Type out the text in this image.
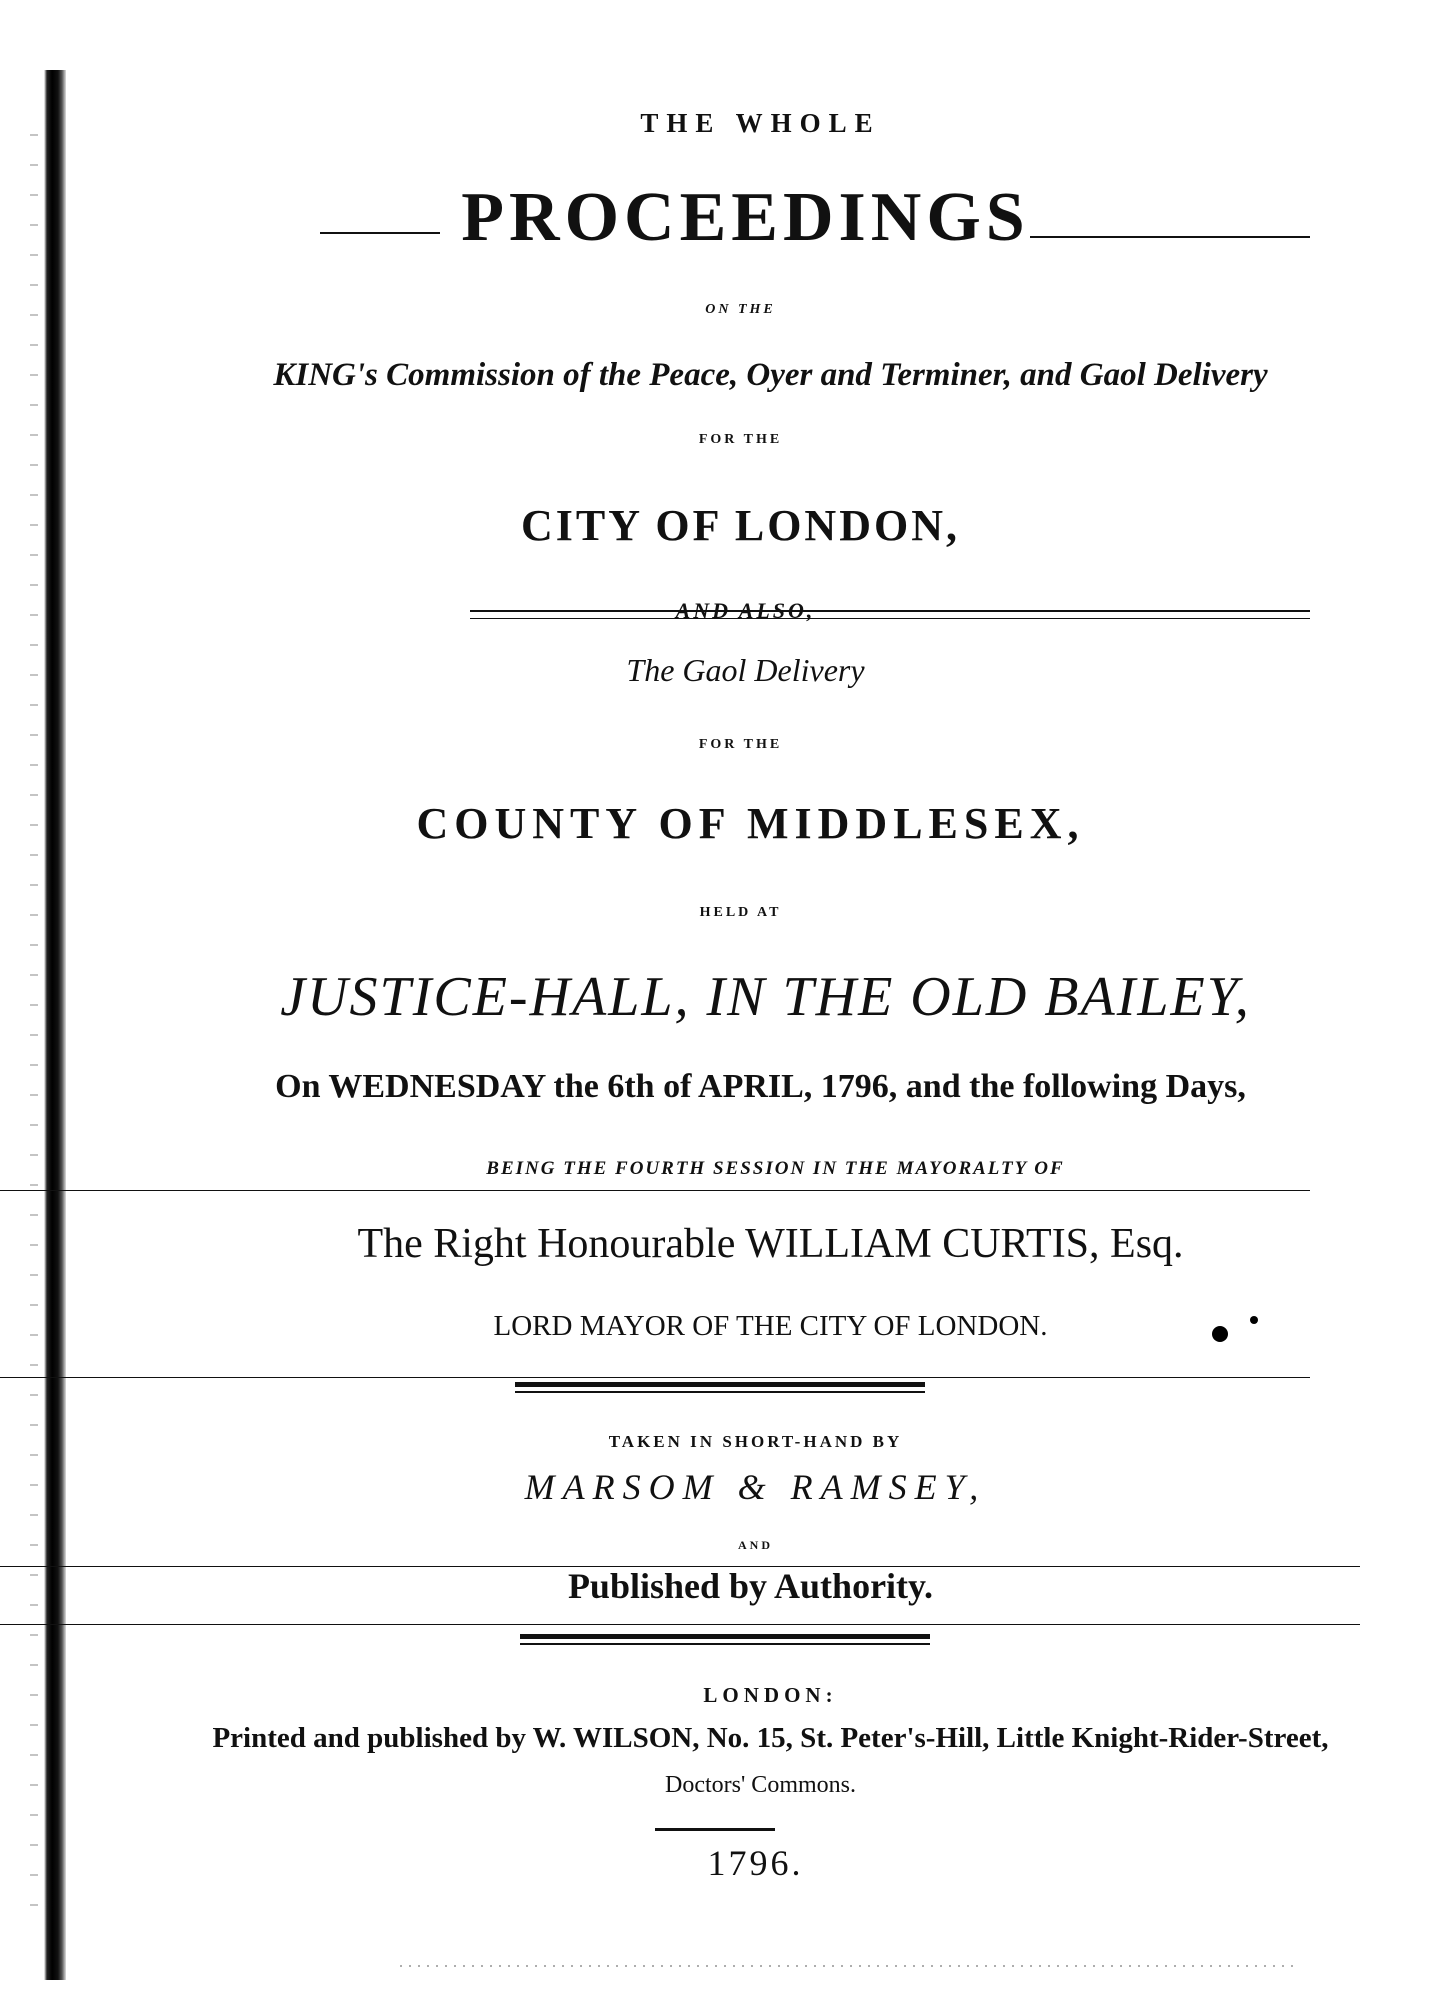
THE WHOLE
PROCEEDINGS
ON THE
KING's Commission of the Peace, Oyer and Terminer, and Gaol Delivery
FOR THE
CITY OF LONDON,
AND ALSO,
The Gaol Delivery
FOR THE
COUNTY OF MIDDLESEX,
HELD AT
JUSTICE-HALL, IN THE OLD BAILEY,
On WEDNESDAY the 6th of APRIL, 1796, and the following Days,
BEING THE FOURTH SESSION IN THE MAYORALTY OF
The Right Honourable WILLIAM CURTIS, Esq.
LORD MAYOR OF THE CITY OF LONDON.
TAKEN IN SHORT-HAND BY
MARSOM & RAMSEY,
AND
Published by Authority.
LONDON:
Printed and published by W. WILSON, No. 15, St. Peter's-Hill, Little Knight-Rider-Street,
Doctors' Commons.
1796.
